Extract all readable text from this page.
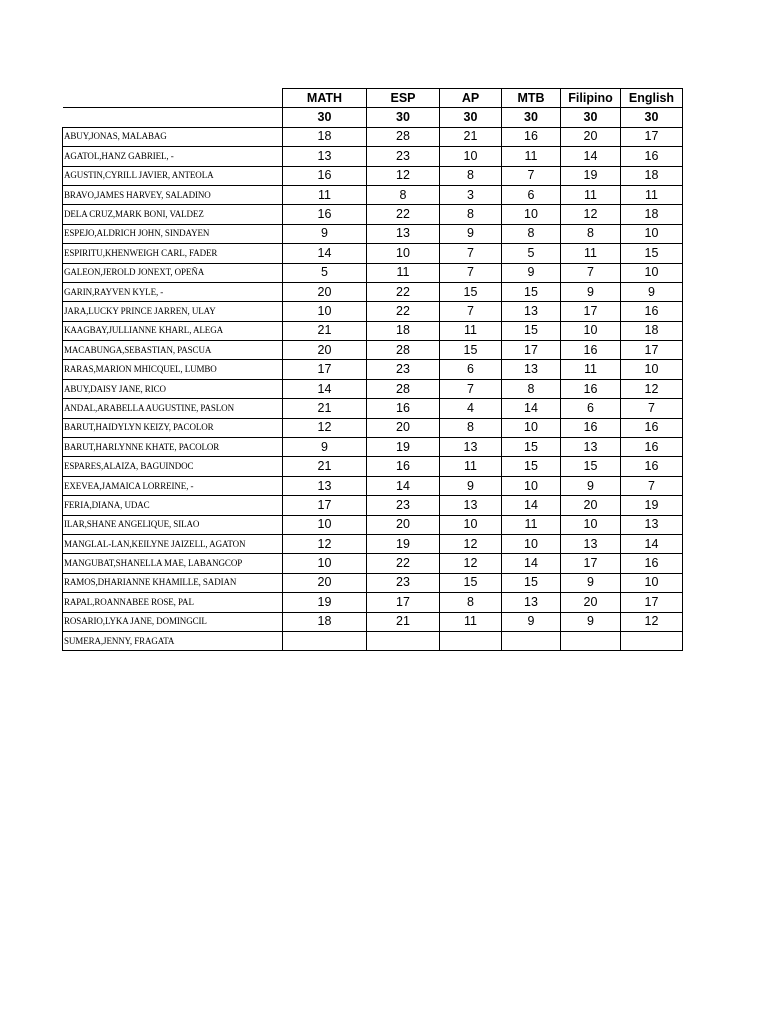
	MATH	ESP	AP	MTB	Filipino	English
	30	30	30	30	30	30
ABUY,JONAS, MALABAG	18	28	21	16	20	17
AGATOL,HANZ GABRIEL, -	13	23	10	11	14	16
AGUSTIN,CYRILL JAVIER, ANTEOLA	16	12	8	7	19	18
BRAVO,JAMES HARVEY, SALADINO	11	8	3	6	11	11
DELA CRUZ,MARK BONI, VALDEZ	16	22	8	10	12	18
ESPEJO,ALDRICH JOHN, SINDAYEN	9	13	9	8	8	10
ESPIRITU,KHENWEIGH CARL, FADER	14	10	7	5	11	15
GALEON,JEROLD JONEXT, OPEÑA	5	11	7	9	7	10
GARIN,RAYVEN KYLE, -	20	22	15	15	9	9
JARA,LUCKY PRINCE JARREN, ULAY	10	22	7	13	17	16
KAAGBAY,JULLIANNE KHARL, ALEGA	21	18	11	15	10	18
MACABUNGA,SEBASTIAN, PASCUA	20	28	15	17	16	17
RARAS,MARION MHICQUEL, LUMBO	17	23	6	13	11	10
ABUY,DAISY JANE, RICO	14	28	7	8	16	12
ANDAL,ARABELLA AUGUSTINE, PASLON	21	16	4	14	6	7
BARUT,HAIDYLYN KEIZY, PACOLOR	12	20	8	10	16	16
BARUT,HARLYNNE KHATE, PACOLOR	9	19	13	15	13	16
ESPARES,ALAIZA, BAGUINDOC	21	16	11	15	15	16
EXEVEA,JAMAICA LORREINE, -	13	14	9	10	9	7
FERIA,DIANA, UDAC	17	23	13	14	20	19
ILAR,SHANE ANGELIQUE, SILAO	10	20	10	11	10	13
MANGLAL-LAN,KEILYNE JAIZELL, AGATON	12	19	12	10	13	14
MANGUBAT,SHANELLA MAE, LABANGCOP	10	22	12	14	17	16
RAMOS,DHARIANNE KHAMILLE, SADIAN	20	23	15	15	9	10
RAPAL,ROANNABEE ROSE, PAL	19	17	8	13	20	17
ROSARIO,LYKA JANE, DOMINGCIL	18	21	11	9	9	12
SUMERA,JENNY, FRAGATA						
